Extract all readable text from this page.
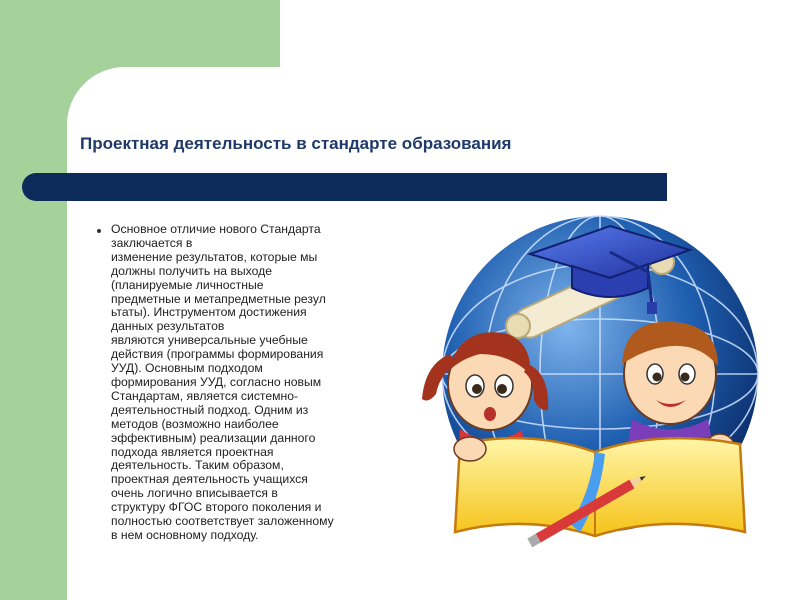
Проектная деятельность в стандарте образования
Основное отличие нового Стандарта
заключается в
изменение результатов, которые мы
должны получить на выходе
(планируемые личностные
предметные и метапредметные резул
ьтаты). Инструментом достижения
данных результатов
являются универсальные учебные
действия (программы формирования
УУД). Основным подходом
формирования УУД, согласно новым
Стандартам, является системно-
деятельностный подход. Одним из
методов (возможно наиболее
эффективным) реализации данного
подхода является проектная
деятельность. Таким образом,
проектная деятельность учащихся
очень логично вписывается в
структуру ФГОС второго поколения и
полностью соответствует заложенному
в нем основному подходу.
